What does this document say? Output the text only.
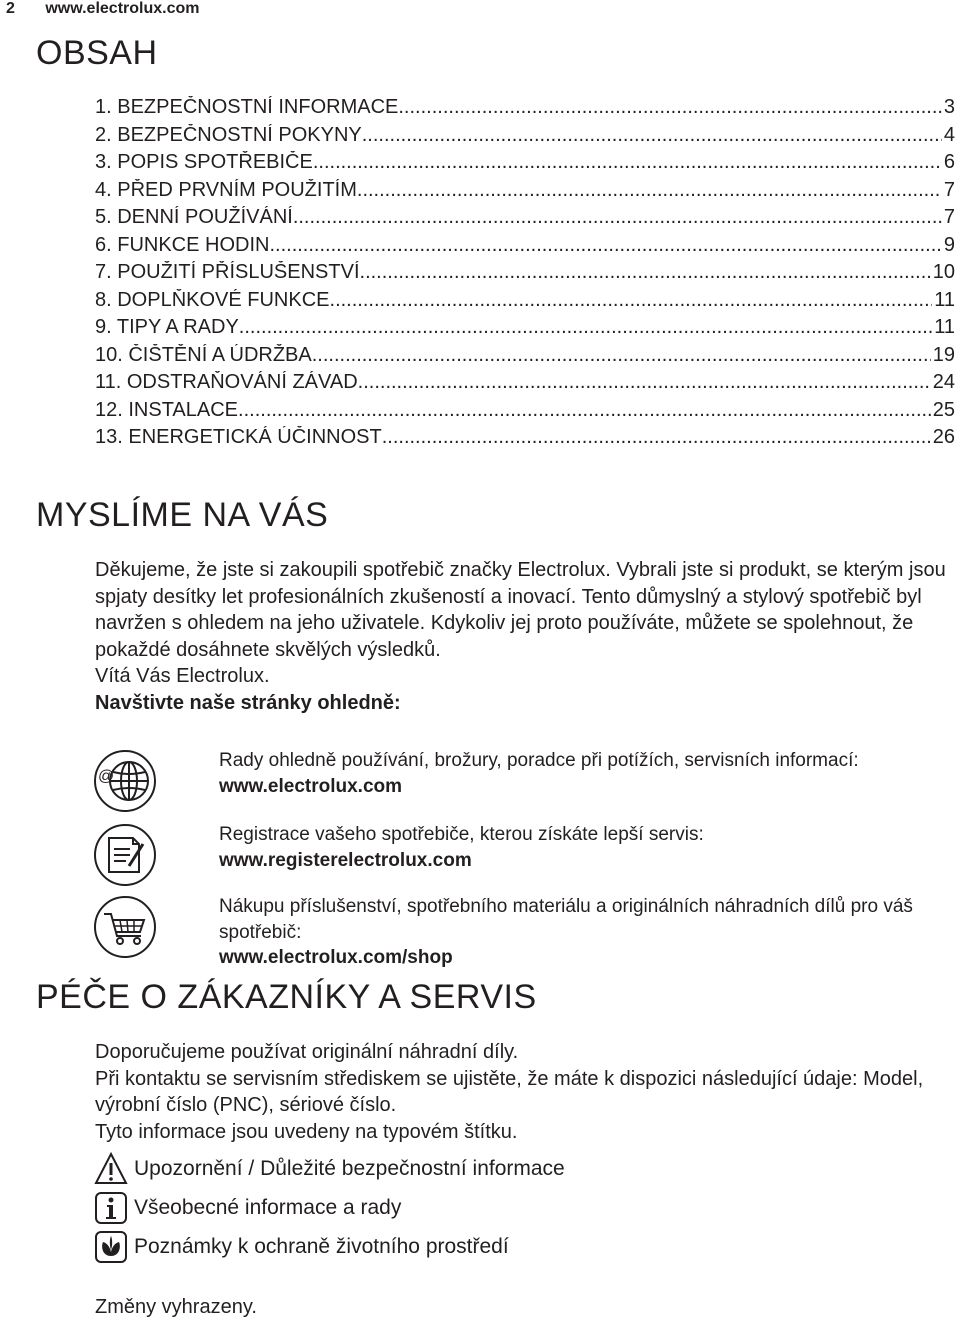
2 www.electrolux.com
OBSAH
1. BEZPEČNOSTNÍ INFORMACE .....	3
2. BEZPEČNOSTNÍ POKYNY .....	4
3. POPIS SPOTŘEBIČE .....	6
4. PŘED PRVNÍM POUŽITÍM .....	7
5. DENNÍ POUŽÍVÁNÍ .....	7
6. FUNKCE HODIN .....	9
7. POUŽITÍ PŘÍSLUŠENSTVÍ .....	10
8. DOPLŇKOVÉ FUNKCE .....	11
9. TIPY A RADY .....	11
10. ČIŠTĚNÍ A ÚDRŽBA .....	19
11. ODSTRAŇOVÁNÍ ZÁVAD .....	24
12. INSTALACE .....	25
13. ENERGETICKÁ ÚČINNOST .....	26
MYSLÍME NA VÁS

Děkujeme, že jste si zakoupili spotřebič značky Electrolux. Vybrali jste si produkt, se kterým jsou spjaty desítky let profesionálních zkušeností a inovací. Tento důmyslný a stylový spotřebič byl navržen s ohledem na jeho uživatele. Kdykoliv jej proto používáte, můžete se spolehnout, že pokaždé dosáhnete skvělých výsledků.
Vítá Vás Electrolux.
Navštivte naše stránky ohledně:

@
Rady ohledně používání, brožury, poradce při potížích, servisních informací:
www.electrolux.com
Registrace vašeho spotřebiče, kterou získáte lepší servis:
www.registerelectrolux.com
Nákupu příslušenství, spotřebního materiálu a originálních náhradních dílů pro váš spotřebič:
www.electrolux.com/shop
PÉČE O ZÁKAZNÍKY A SERVIS

Doporučujeme používat originální náhradní díly.
Při kontaktu se servisním střediskem se ujistěte, že máte k dispozici následující údaje: Model, výrobní číslo (PNC), sériové číslo.
Tyto informace jsou uvedeny na typovém štítku.

Upozornění / Důležité bezpečnostní informace
Všeobecné informace a rady
Poznámky k ochraně životního prostředí
Změny vyhrazeny.
